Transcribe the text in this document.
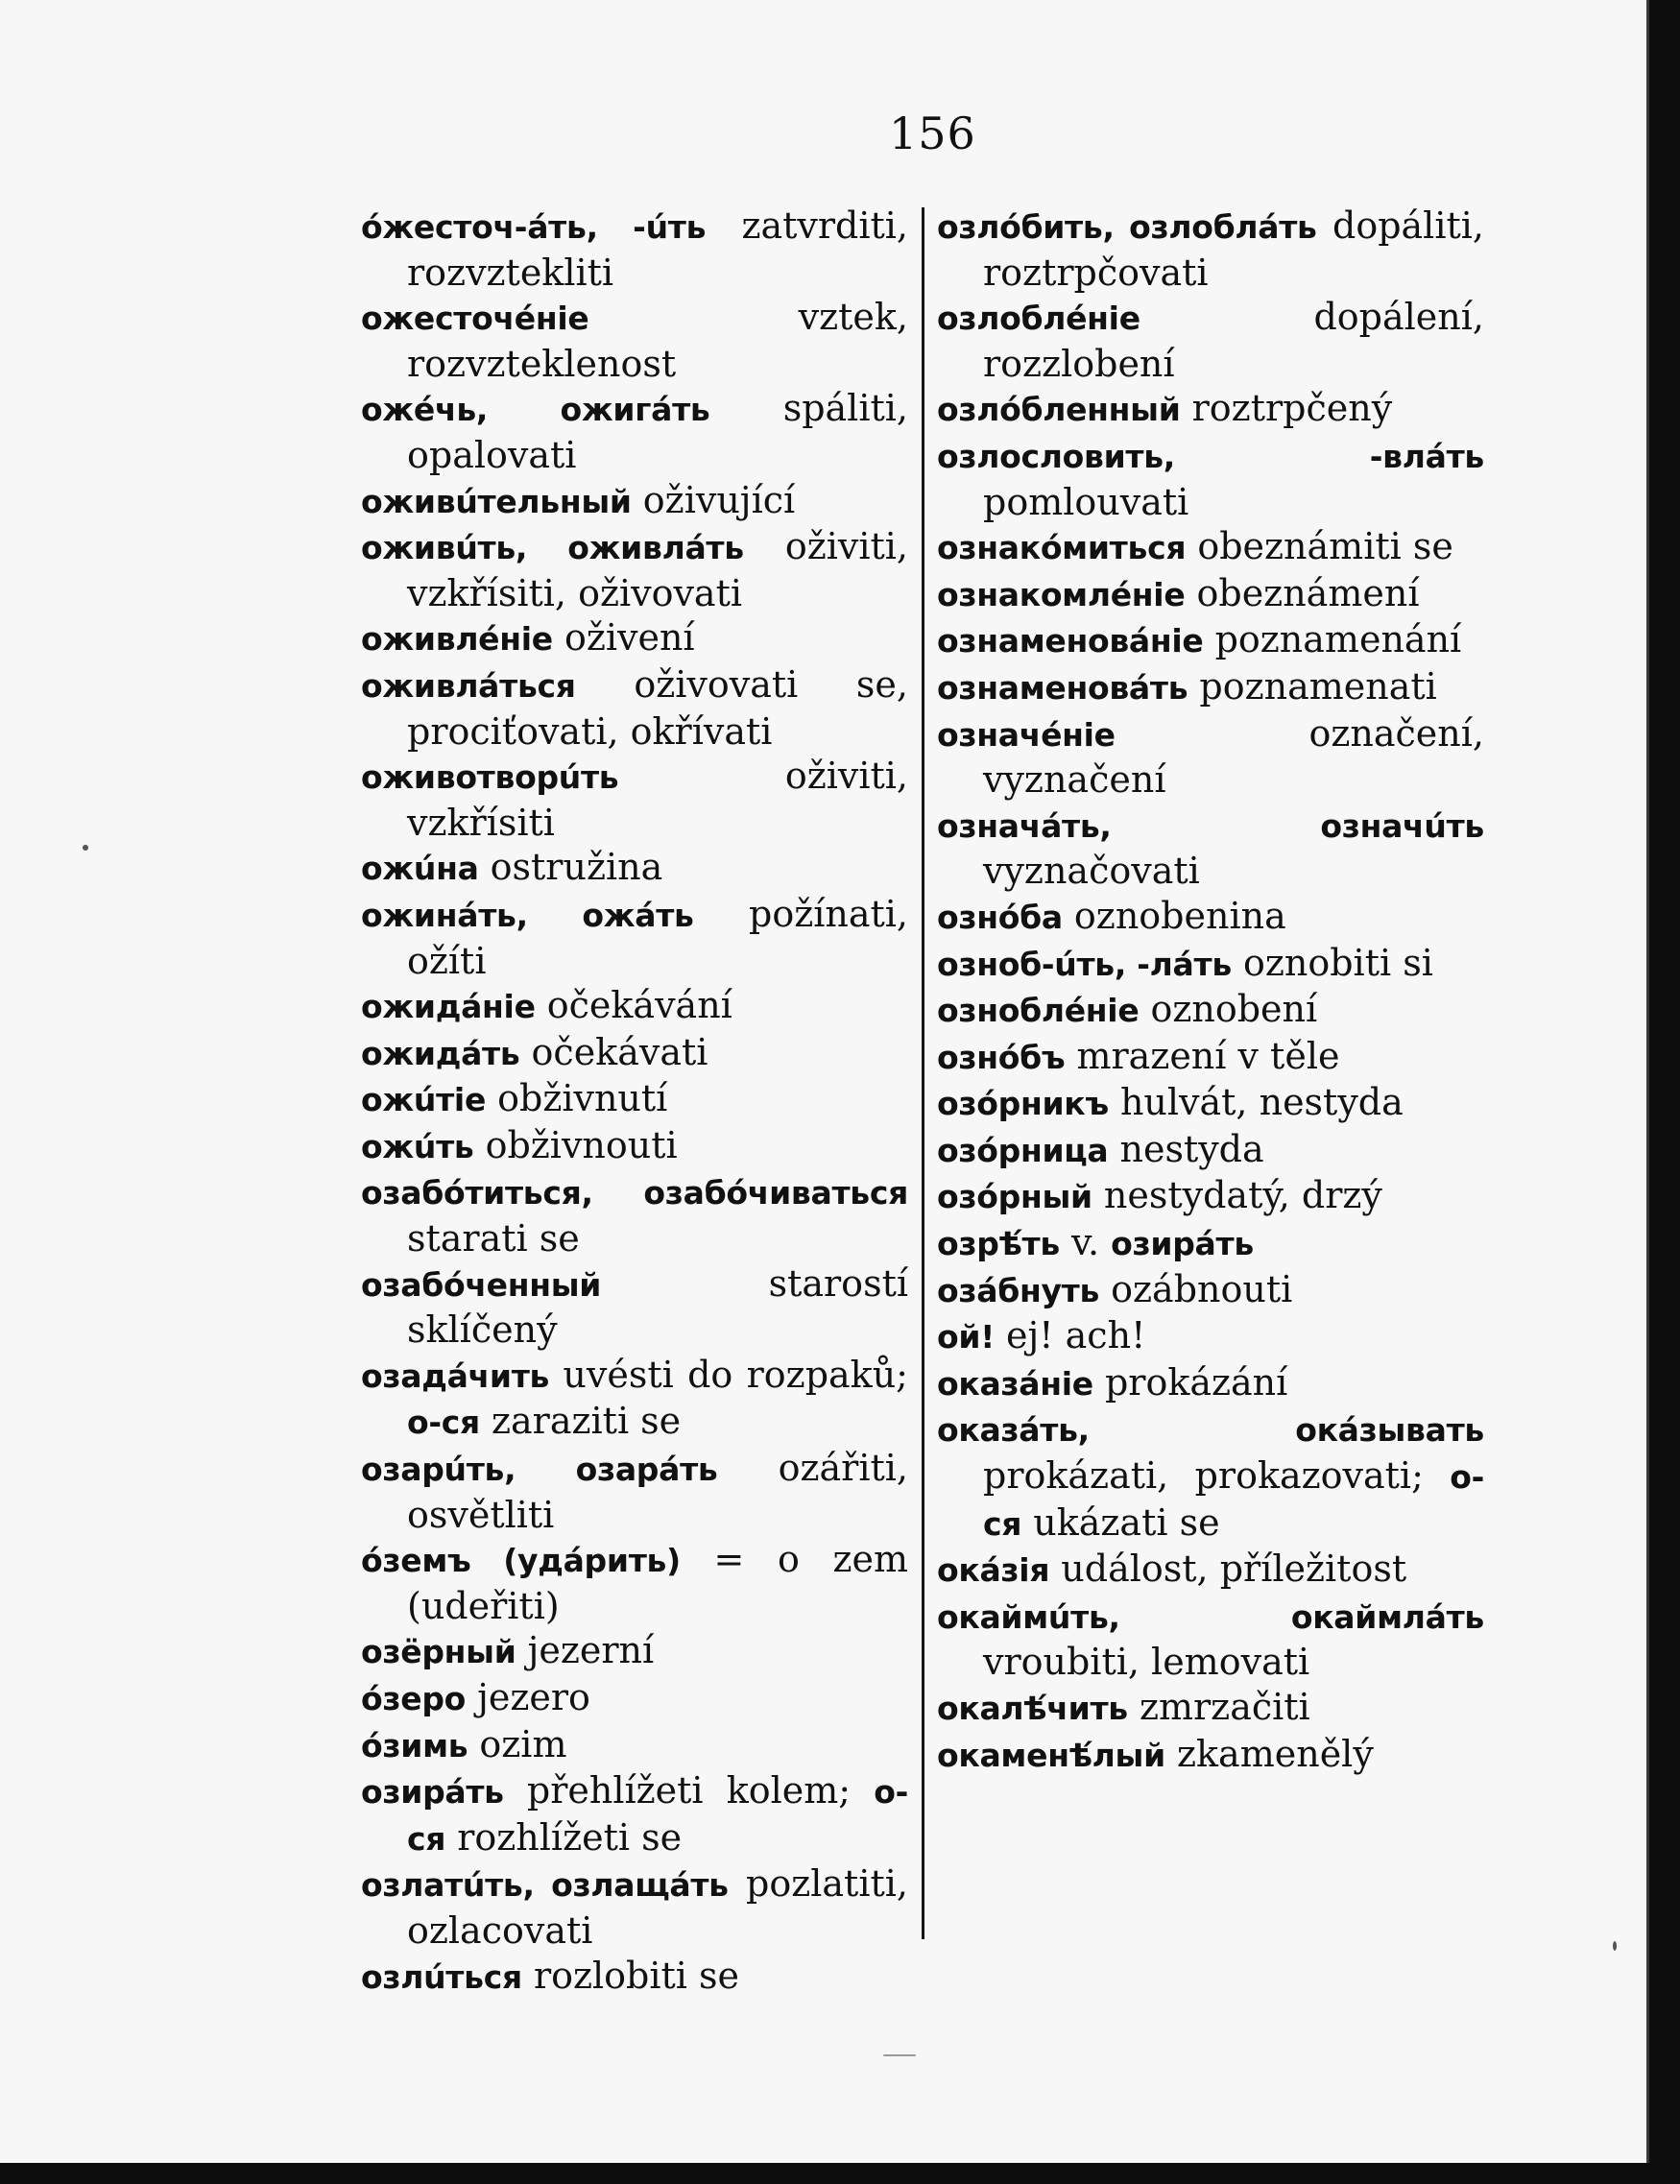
156
óжесточ-áть, -úть zatvrditi, rozvztekliti
ожесточéнiе vztek, rozvzteklenost
ожéчь, ожигáть spáliti, opalovati
оживúтельный oživující
оживúть, оживлáть oživiti, vzkřísiti, oživovati
оживлéнiе oživení
оживлáться oživovati se, prociťovati, okřívati
оживотворúть oživiti, vzkřísiti
ожúна ostružina
ожинáть, ожáть požínati, ožíti
ожидáнiе očekávání
ожидáть očekávati
ожúтiе obživnutí
ожúть obživnouti
озабóтиться, озабóчиваться starati se
озабóченный starostí sklíčený
озадáчить uvésti do rozpaků; о-ся zaraziti se
озарúть, озарáть ozářiti, osvětliti
óземъ (удáрить) = o zem (udeřiti)
озёрный jezerní
óзеро jezero
óзимь ozim
озирáть přehlížeti kolem; о-ся rozhlížeti se
озлатúть, озлащáть pozlatiti, ozlacovati
озлúться rozlobiti se
озлóбить, озлоблáть dopáliti, roztrpčovati
озлоблéнiе dopálení, rozzlobení
озлóбленный roztrpčený
озлословить, -влáть pomlouvati
ознакóмиться obeznámiti se
ознакомлéнiе obeznámení
ознаменовáнiе poznamenání
ознаменовáть poznamenati
означéнiе označení, vyznačení
означáть, означúть vyznačovati
ознóба oznobenina
озноб-úть, -лáть oznobiti si
озноблéнiе oznobení
ознóбъ mrazení v těle
озóрникъ hulvát, nestyda
озóрница nestyda
озóрный nestydatý, drzý
озрѣ́ть v. озирáть
озáбнуть ozábnouti
ой! ej! ach!
оказáнiе prokázání
оказáть, окáзывать prokázati, prokazovati; о-ся ukázati se
окáзiя událost, příležitost
окаймúть, окаймлáть vroubiti, lemovati
окалѣ́чить zmrzačiti
окаменѣ́лый zkamenělý
